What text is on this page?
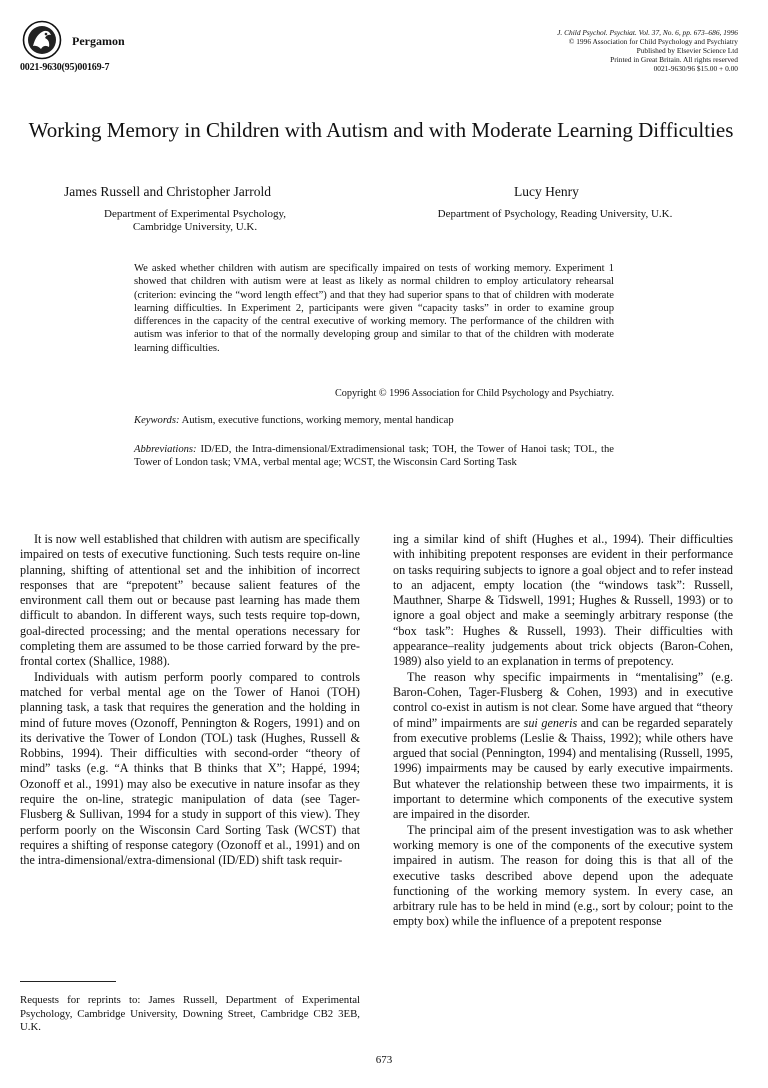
Pergamon
0021-9630(95)00169-7
J. Child Psychol. Psychiat. Vol. 37, No. 6, pp. 673–686, 1996
© 1996 Association for Child Psychology and Psychiatry
Published by Elsevier Science Ltd
Printed in Great Britain. All rights reserved
0021-9630/96 $15.00 + 0.00
Working Memory in Children with Autism and with Moderate Learning Difficulties
James Russell and Christopher Jarrold	Lucy Henry
Department of Experimental Psychology,
Cambridge University, U.K.
Department of Psychology, Reading University, U.K.
We asked whether children with autism are specifically impaired on tests of working memory. Experiment 1 showed that children with autism were at least as likely as normal children to employ articulatory rehearsal (criterion: evincing the “word length effect”) and that they had superior spans to that of children with moderate learning difficulties. In Experiment 2, participants were given “capacity tasks” in order to examine group differences in the capacity of the central executive of working memory. The performance of the children with autism was inferior to that of the normally developing group and similar to that of the children with moderate learning difficulties.
Copyright © 1996 Association for Child Psychology and Psychiatry.
Keywords: Autism, executive functions, working memory, mental handicap
Abbreviations: ID/ED, the Intra-dimensional/Extradimensional task; TOH, the Tower of Hanoi task; TOL, the Tower of London task; VMA, verbal mental age; WCST, the Wisconsin Card Sorting Task

It is now well established that children with autism are specifically impaired on tests of executive functioning. Such tests require on-line planning, shifting of attentional set and the inhibition of incorrect responses that are “prepotent” because salient features of the environment call them out or because past learning has made them difficult to abandon. In different ways, such tests require top-down, goal-directed processing; and the mental operations necessary for completing them are assumed to be those carried forward by the pre-frontal cortex (Shallice, 1988).

Individuals with autism perform poorly compared to controls matched for verbal mental age on the Tower of Hanoi (TOH) planning task, a task that requires the generation and the holding in mind of future moves (Ozonoff, Pennington & Rogers, 1991) and on its derivative the Tower of London (TOL) task (Hughes, Russell & Robbins, 1994). Their difficulties with second-order “theory of mind” tasks (e.g. “A thinks that B thinks that X”; Happé, 1994; Ozonoff et al., 1991) may also be executive in nature insofar as they require the on-line, strategic manipulation of data (see Tager-Flusberg & Sullivan, 1994 for a study in support of this view). They perform poorly on the Wisconsin Card Sorting Task (WCST) that requires a shifting of response category (Ozonoff et al., 1991) and on the intra-dimensional/extra-dimensional (ID/ED) shift task requir-

ing a similar kind of shift (Hughes et al., 1994). Their difficulties with inhibiting prepotent responses are evident in their performance on tasks requiring subjects to ignore a goal object and to refer instead to an adjacent, empty location (the “windows task”: Russell, Mauthner, Sharpe & Tidswell, 1991; Hughes & Russell, 1993) or to ignore a goal object and make a seemingly arbitrary response (the “box task”: Hughes & Russell, 1993). Their difficulties with appearance–reality judgements about trick objects (Baron-Cohen, 1989) also yield to an explanation in terms of prepotency.

The reason why specific impairments in “mentalising” (e.g. Baron-Cohen, Tager-Flusberg & Cohen, 1993) and in executive control co-exist in autism is not clear. Some have argued that “theory of mind” impairments are sui generis and can be regarded separately from executive problems (Leslie & Thaiss, 1992); while others have argued that social (Pennington, 1994) and mentalising (Russell, 1995, 1996) impairments may be caused by early executive impairments. But whatever the relationship between these two impairments, it is important to determine which components of the executive system are impaired in the disorder.

The principal aim of the present investigation was to ask whether working memory is one of the components of the executive system impaired in autism. The reason for doing this is that all of the executive tasks described above depend upon the adequate functioning of the working memory system. In every case, an arbitrary rule has to be held in mind (e.g., sort by colour; point to the empty box) while the influence of a prepotent response

Requests for reprints to: James Russell, Department of Experimental Psychology, Cambridge University, Downing Street, Cambridge CB2 3EB, U.K.
673
